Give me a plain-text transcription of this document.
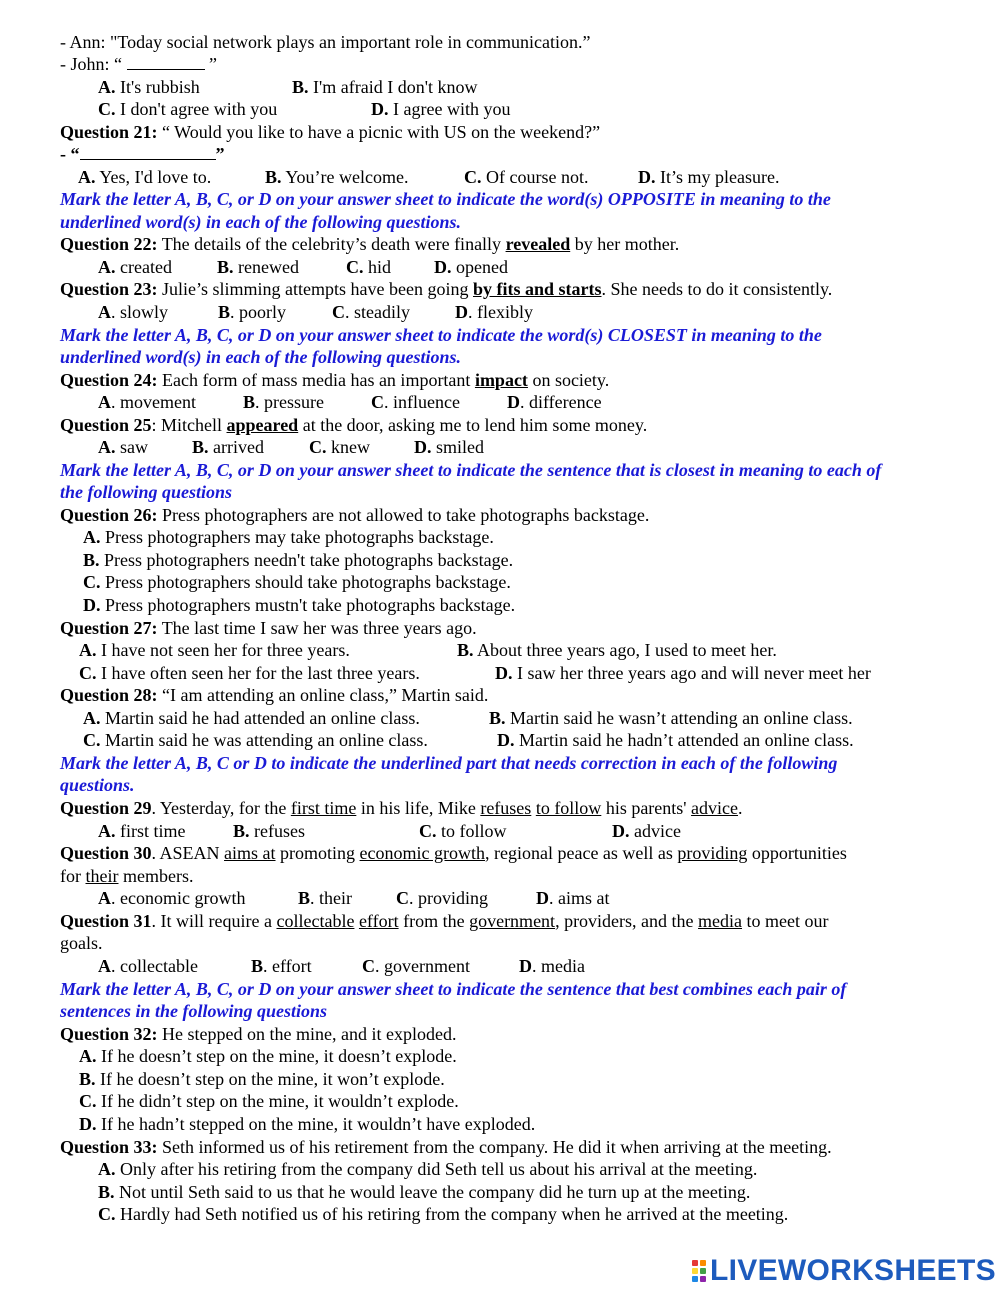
- Ann: "Today social network plays an important role in communication.”
- John: “	”
A. It's rubbish	B. I'm afraid I don't know
C. I don't agree with you	D. I agree with you
Question 21: “ Would you like to have a picnic with US on the weekend?”
- “	”
A. Yes, I'd love to.	B. You’re welcome.	C. Of course not.	D. It’s my pleasure.
Mark the letter A, B, C, or D on your answer sheet to indicate the word(s) OPPOSITE in meaning to the
underlined word(s) in each of the following questions.
Question 22: The details of the celebrity’s death were finally revealed by her mother.
A. created	B. renewed	C. hid D. opened
Question 23: Julie’s slimming attempts have been going by fits and starts. She needs to do it consistently.
A. slowly	B. poorly	C. steadily	D. flexibly
Mark the letter A, B, C, or D on your answer sheet to indicate the word(s) CLOSEST in meaning to the
underlined word(s) in each of the following questions.
Question 24: Each form of mass media has an important impact on society.
A. movement	B. pressure	C. influence	D. difference
Question 25: Mitchell appeared at the door, asking me to lend him some money.
A. saw B. arrived	C. knew D. smiled
Mark the letter A, B, C, or D on your answer sheet to indicate the sentence that is closest in meaning to each of
the following questions
Question 26: Press photographers are not allowed to take photographs backstage.
A. Press photographers may take photographs backstage.
B. Press photographers needn't take photographs backstage.
C. Press photographers should take photographs backstage.
D. Press photographers mustn't take photographs backstage.
Question 27: The last time I saw her was three years ago.
A. I have not seen her for three years.	B. About three years ago, I used to meet her.
C. I have often seen her for the last three years.	D. I saw her three years ago and will never meet her
Question 28: “I am attending an online class,” Martin said.
A. Martin said he had attended an online class.	B. Martin said he wasn’t attending an online class.
C. Martin said he was attending an online class.	D. Martin said he hadn’t attended an online class.
Mark the letter A, B, C or D to indicate the underlined part that needs correction in each of the following
questions.
Question 29. Yesterday, for the first time in his life, Mike refuses to follow his parents' advice.
A. first time	B. refuses	C. to follow	D. advice
Question 30. ASEAN aims at promoting economic growth, regional peace as well as providing opportunities
for their members.
A. economic growth	B. their C. providing	D. aims at
Question 31. It will require a collectable effort from the government, providers, and the media to meet our
goals.
A. collectable	B. effort	C. government	D. media
Mark the letter A, B, C, or D on your answer sheet to indicate the sentence that best combines each pair of
sentences in the following questions
Question 32: He stepped on the mine, and it exploded.
A. If he doesn’t step on the mine, it doesn’t explode.
B. If he doesn’t step on the mine, it won’t explode.
C. If he didn’t step on the mine, it wouldn’t explode.
D. If he hadn’t stepped on the mine, it wouldn’t have exploded.
Question 33: Seth informed us of his retirement from the company. He did it when arriving at the meeting.
A. Only after his retiring from the company did Seth tell us about his arrival at the meeting.
B. Not until Seth said to us that he would leave the company did he turn up at the meeting.
C. Hardly had Seth notified us of his retiring from the company when he arrived at the meeting.
LIVEWORKSHEETS
